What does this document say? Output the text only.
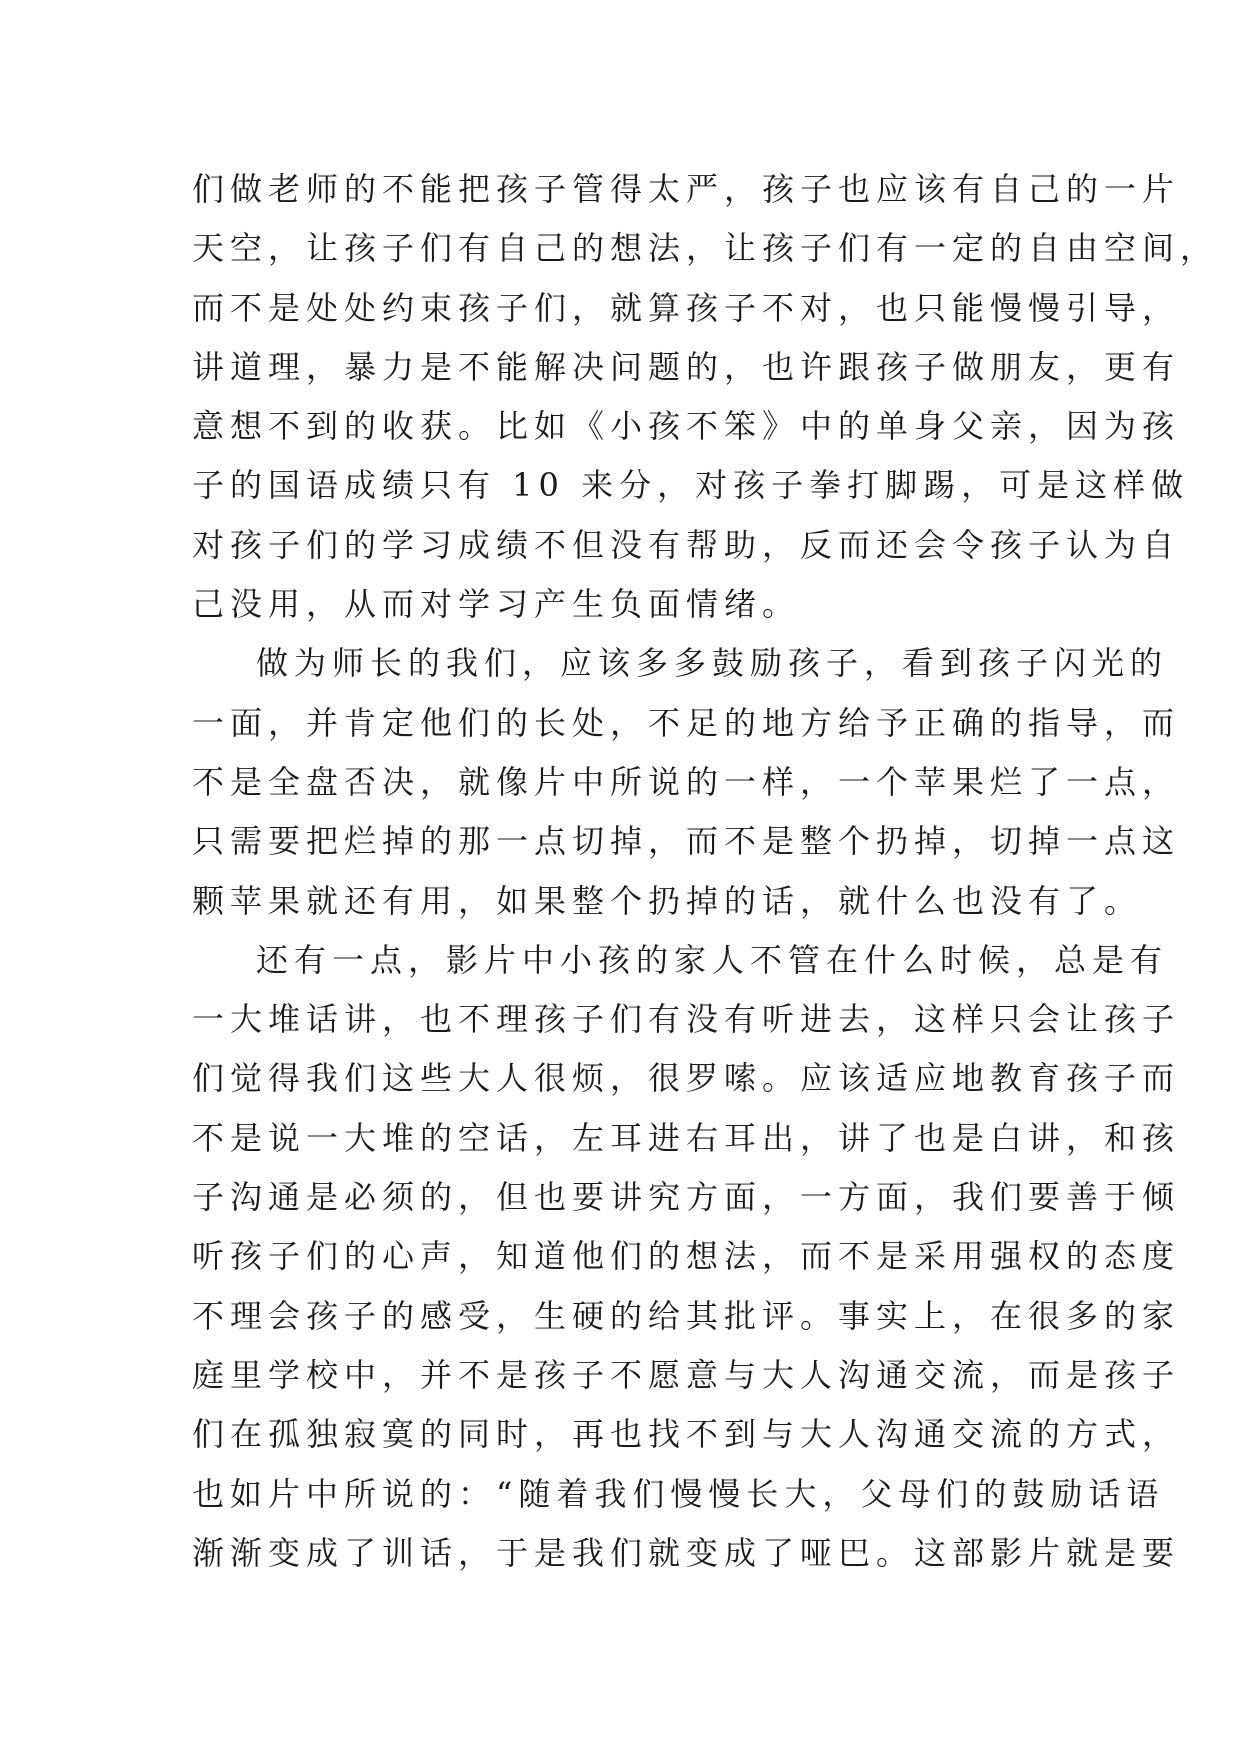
们做老师的不能把孩子管得太严，孩子也应该有自己的一片
天空，让孩子们有自己的想法，让孩子们有一定的自由空间，
而不是处处约束孩子们，就算孩子不对，也只能慢慢引导，
讲道理，暴力是不能解决问题的，也许跟孩子做朋友，更有
意想不到的收获。比如《小孩不笨》中的单身父亲，因为孩
子的国语成绩只有 10 来分，对孩子拳打脚踢，可是这样做
对孩子们的学习成绩不但没有帮助，反而还会令孩子认为自
己没用，从而对学习产生负面情绪。
做为师长的我们，应该多多鼓励孩子，看到孩子闪光的
一面，并肯定他们的长处，不足的地方给予正确的指导，而
不是全盘否决，就像片中所说的一样，一个苹果烂了一点，
只需要把烂掉的那一点切掉，而不是整个扔掉，切掉一点这
颗苹果就还有用，如果整个扔掉的话，就什么也没有了。
还有一点，影片中小孩的家人不管在什么时候，总是有
一大堆话讲，也不理孩子们有没有听进去，这样只会让孩子
们觉得我们这些大人很烦，很罗嗦。应该适应地教育孩子而
不是说一大堆的空话，左耳进右耳出，讲了也是白讲，和孩
子沟通是必须的，但也要讲究方面，一方面，我们要善于倾
听孩子们的心声，知道他们的想法，而不是采用强权的态度
不理会孩子的感受，生硬的给其批评。事实上，在很多的家
庭里学校中，并不是孩子不愿意与大人沟通交流，而是孩子
们在孤独寂寞的同时，再也找不到与大人沟通交流的方式，
也如片中所说的：“随着我们慢慢长大，父母们的鼓励话语
渐渐变成了训话，于是我们就变成了哑巴。这部影片就是要
